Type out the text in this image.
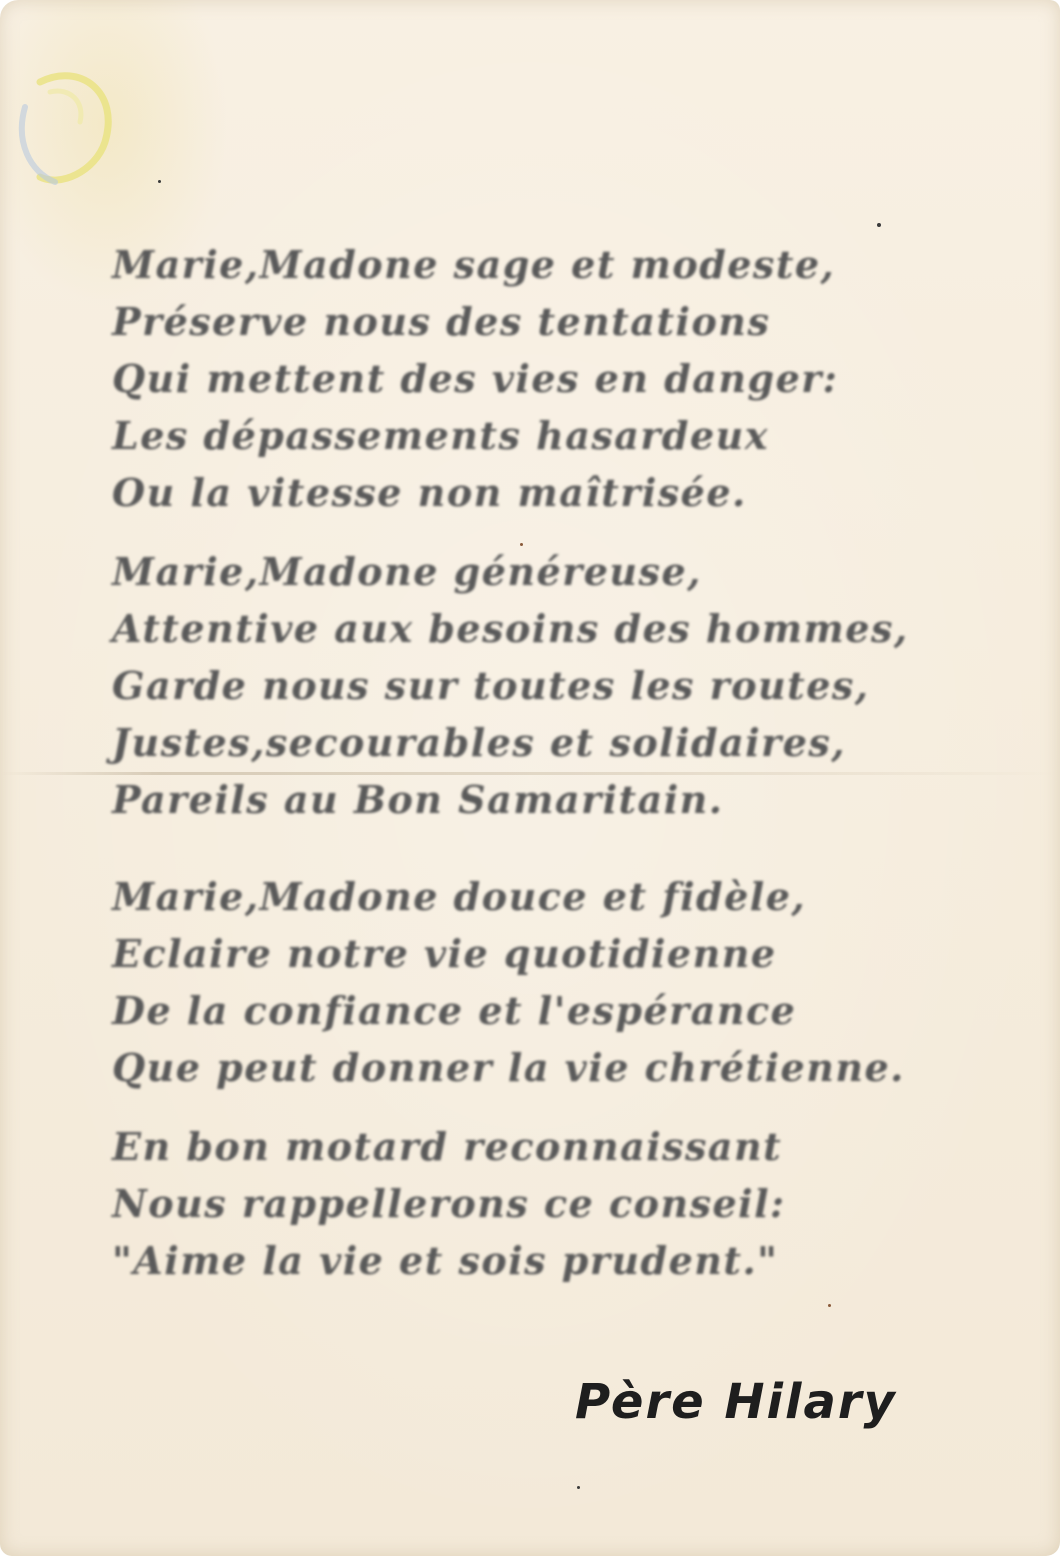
Marie,Madone sage et modeste,
Préserve nous des tentations
Qui mettent des vies en danger:
Les dépassements hasardeux
Ou la vitesse non maîtrisée.
Marie,Madone généreuse,
Attentive aux besoins des hommes,
Garde nous sur toutes les routes,
Justes,secourables et solidaires,
Pareils au Bon Samaritain.
Marie,Madone douce et fidèle,
Eclaire notre vie quotidienne
De la confiance et l'espérance
Que peut donner la vie chrétienne.
En bon motard reconnaissant
Nous rappellerons ce conseil:
"Aime la vie et sois prudent."
Père Hilary
